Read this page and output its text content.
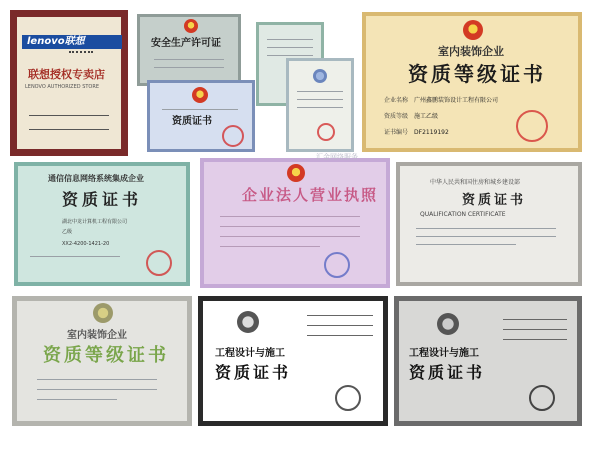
lenovo联想
联想授权专卖店
LENOVO AUTHORIZED STORE
安全生产许可证
资质证书
室内装饰企业
资质等级证书
企业名称 广州鑫鹏装饰设计工程有限公司
资质等级 施工乙级
证书编号 DF2119192
通信信息网络系统集成企业
资质证书
湖北中龙计算机工程有限公司
乙级
XX2-4200-1421-20
企业法人营业执照
汇金网络服务
中华人民共和国住房和城乡建设部
资质证书
QUALIFICATION CERTIFICATE
室内装饰企业
资质等级证书	工程设计与施工
资质证书
工程设计与施工
资质证书
